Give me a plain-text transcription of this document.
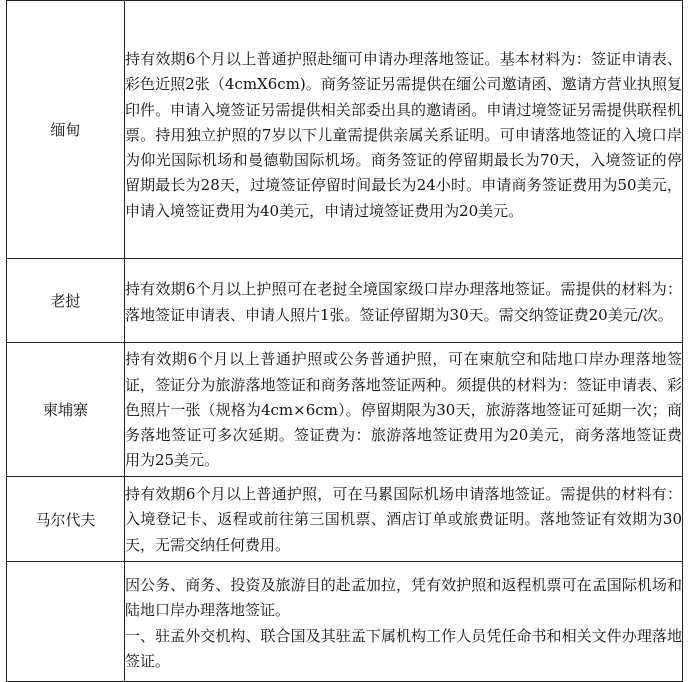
缅甸	持有效期6个月以上普通护照赴缅可申请办理落地签证。基本材料为：签证申请表、彩色近照2张（4cmX6cm)。商务签证另需提供在缅公司邀请函、邀请方营业执照复印件。申请入境签证另需提供相关部委出具的邀请函。申请过境签证另需提供联程机票。持用独立护照的7岁以下儿童需提供亲属关系证明。可申请落地签证的入境口岸为仰光国际机场和曼德勒国际机场。商务签证的停留期最长为70天，入境签证的停留期最长为28天，过境签证停留时间最长为24小时。申请商务签证费用为50美元，申请入境签证费用为40美元，申请过境签证费用为20美元。

老挝	持有效期6个月以上护照可在老挝全境国家级口岸办理落地签证。需提供的材料为：落地签证申请表、申请人照片1张。签证停留期为30天。需交纳签证费20美元/次。

柬埔寨	持有效期6个月以上普通护照或公务普通护照，可在柬航空和陆地口岸办理落地签证，签证分为旅游落地签证和商务落地签证两种。须提供的材料为：签证申请表、彩色照片一张（规格为4cm×6cm）。停留期限为30天，旅游落地签证可延期一次；商务落地签证可多次延期。签证费为：旅游落地签证费用为20美元，商务落地签证费用为25美元。

马尔代夫	持有效期6个月以上普通护照，可在马累国际机场申请落地签证。需提供的材料有：入境登记卡、返程或前往第三国机票、酒店订单或旅费证明。落地签证有效期为30天，无需交纳任何费用。

	因公务、商务、投资及旅游目的赴孟加拉，凭有效护照和返程机票可在孟国际机场和陆地口岸办理落地签证。

一、驻孟外交机构、联合国及其驻孟下属机构工作人员凭任命书和相关文件办理落地签证。
